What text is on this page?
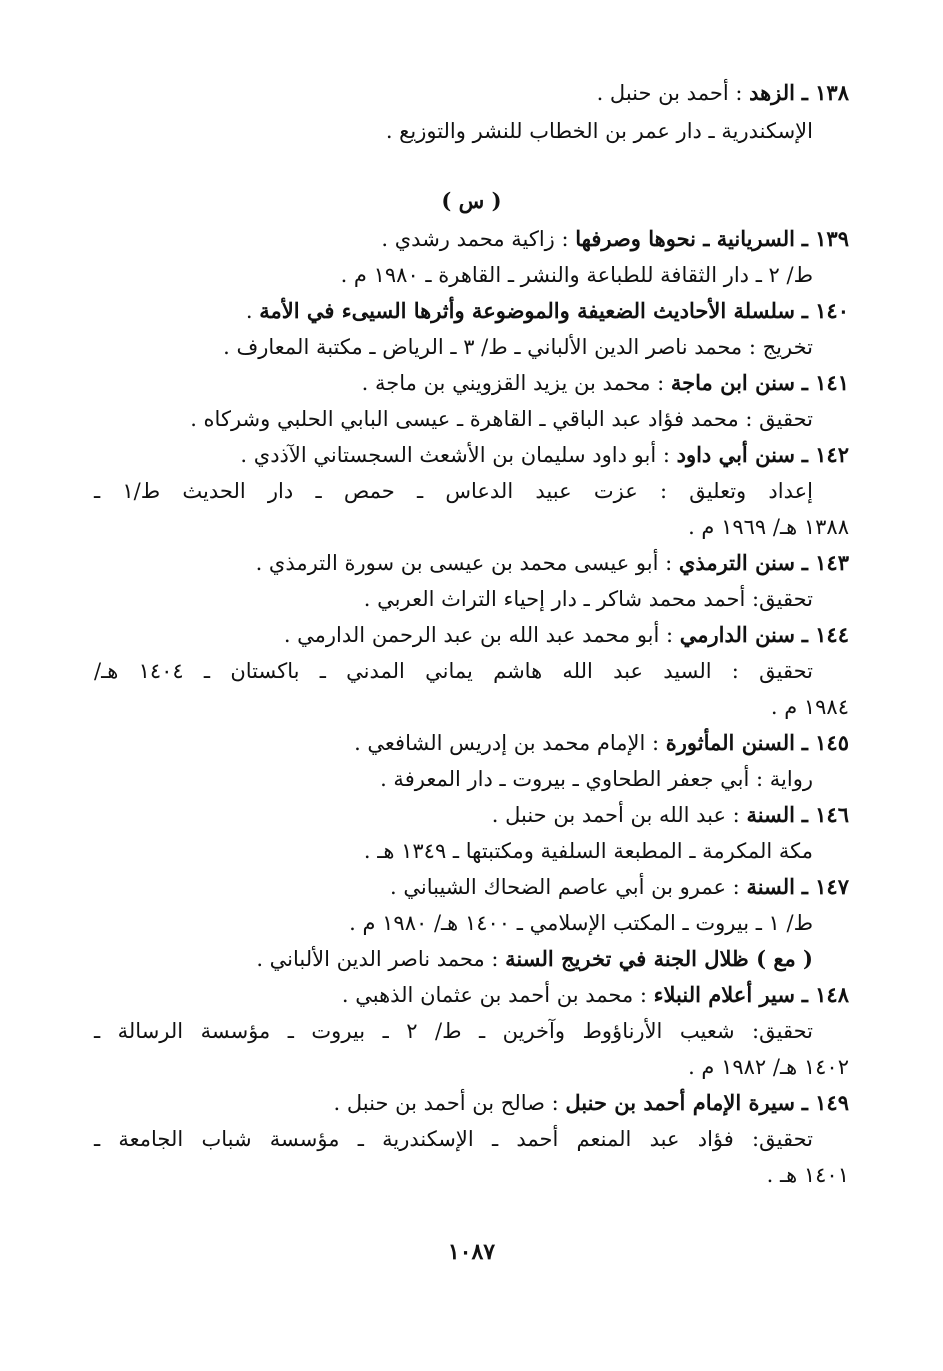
١٣٨ ـ الزهد : أحمد بن حنبل .
الإسكندرية ـ دار عمر بن الخطاب للنشر والتوزيع .
( س )
١٣٩ ـ السريانية ـ نحوها وصرفها : زاكية محمد رشدي .
ط/ ٢ ـ دار الثقافة للطباعة والنشر ـ القاهرة ـ ١٩٨٠ م .
١٤٠ ـ سلسلة الأحاديث الضعيفة والموضوعة وأثرها السيىء في الأمة .
تخريج : محمد ناصر الدين الألباني ـ ط/ ٣ ـ الرياض ـ مكتبة المعارف .
١٤١ ـ سنن ابن ماجة : محمد بن يزيد القزويني بن ماجة .
تحقيق : محمد فؤاد عبد الباقي ـ القاهرة ـ عيسى البابي الحلبي وشركاه .
١٤٢ ـ سنن أبي داود : أبو داود سليمان بن الأشعث السجستاني الآذدي .
إعداد وتعليق : عزت عبيد الدعاس ـ حمص ـ دار الحديث ط/١ ـ
١٣٨٨ هـ/ ١٩٦٩ م .
١٤٣ ـ سنن الترمذي : أبو عيسى محمد بن عيسى بن سورة الترمذي .
تحقيق: أحمد محمد شاكر ـ دار إحياء التراث العربي .
١٤٤ ـ سنن الدارمي : أبو محمد عبد الله بن عبد الرحمن الدارمي .
تحقيق : السيد عبد الله هاشم يماني المدني ـ باكستان ـ ١٤٠٤ هـ/
١٩٨٤ م .
١٤٥ ـ السنن المأثورة : الإمام محمد بن إدريس الشافعي .
رواية : أبي جعفر الطحاوي ـ بيروت ـ دار المعرفة .
١٤٦ ـ السنة : عبد الله بن أحمد بن حنبل .
مكة المكرمة ـ المطبعة السلفية ومكتبتها ـ ١٣٤٩ هـ .
١٤٧ ـ السنة : عمرو بن أبي عاصم الضحاك الشيباني .
ط/ ١ ـ بيروت ـ المكتب الإسلامي ـ ١٤٠٠ هـ/ ١٩٨٠ م .
( مع ) ظلال الجنة في تخريج السنة : محمد ناصر الدين الألباني .
١٤٨ ـ سير أعلام النبلاء : محمد بن أحمد بن عثمان الذهبي .
تحقيق: شعيب الأرناؤوط وآخرين ـ ط/ ٢ ـ بيروت ـ مؤسسة الرسالة ـ
١٤٠٢ هـ/ ١٩٨٢ م .
١٤٩ ـ سيرة الإمام أحمد بن حنبل : صالح بن أحمد بن حنبل .
تحقيق: فؤاد عبد المنعم أحمد ـ الإسكندرية ـ مؤسسة شباب الجامعة ـ
١٤٠١ هـ .
١٠٨٧
